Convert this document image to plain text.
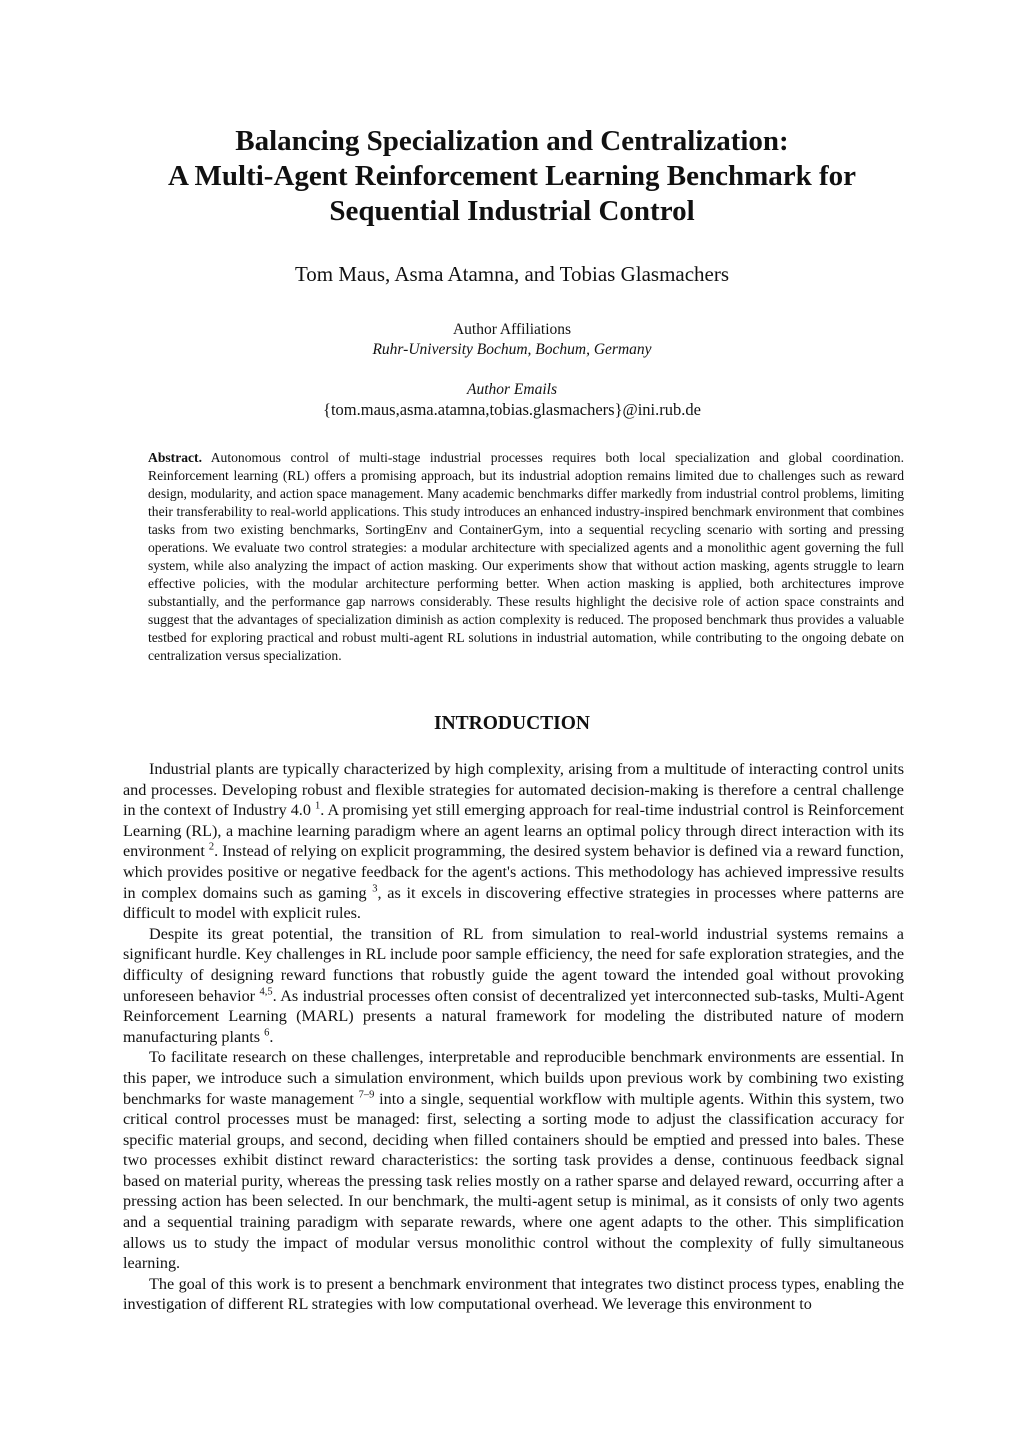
Balancing Specialization and Centralization:
A Multi-Agent Reinforcement Learning Benchmark for
Sequential Industrial Control

Tom Maus, Asma Atamna, and Tobias Glasmachers

Author Affiliations
Ruhr-University Bochum, Bochum, Germany
Author Emails
{tom.maus,asma.atamna,tobias.glasmachers}@ini.rub.de

Abstract. Autonomous control of multi-stage industrial processes requires both local specialization and global coordination. Reinforcement learning (RL) offers a promising approach, but its industrial adoption remains limited due to challenges such as reward design, modularity, and action space management. Many academic benchmarks differ markedly from industrial control problems, limiting their transferability to real-world applications. This study introduces an enhanced industry-inspired benchmark environment that combines tasks from two existing benchmarks, SortingEnv and ContainerGym, into a sequential recycling scenario with sorting and pressing operations. We evaluate two control strategies: a modular architecture with specialized agents and a monolithic agent governing the full system, while also analyzing the impact of action masking. Our experiments show that without action masking, agents struggle to learn effective policies, with the modular architecture performing better. When action masking is applied, both architectures improve substantially, and the performance gap narrows considerably. These results highlight the decisive role of action space constraints and suggest that the advantages of specialization diminish as action complexity is reduced. The proposed benchmark thus provides a valuable testbed for exploring practical and robust multi-agent RL solutions in industrial automation, while contributing to the ongoing debate on centralization versus specialization.

INTRODUCTION

Industrial plants are typically characterized by high complexity, arising from a multitude of interacting control units and processes. Developing robust and flexible strategies for automated decision-making is therefore a central challenge in the context of Industry 4.0 $^1$. A promising yet still emerging approach for real-time industrial control is Reinforcement Learning (RL), a machine learning paradigm where an agent learns an optimal policy through direct interaction with its environment $^2$. Instead of relying on explicit programming, the desired system behavior is defined via a reward function, which provides positive or negative feedback for the agent's actions. This methodology has achieved impressive results in complex domains such as gaming $^3$, as it excels in discovering effective strategies in processes where patterns are difficult to model with explicit rules.

Despite its great potential, the transition of RL from simulation to real-world industrial systems remains a significant hurdle. Key challenges in RL include poor sample efficiency, the need for safe exploration strategies, and the difficulty of designing reward functions that robustly guide the agent toward the intended goal without provoking unforeseen behavior $^{4,5}$. As industrial processes often consist of decentralized yet interconnected sub-tasks, Multi-Agent Reinforcement Learning (MARL) presents a natural framework for modeling the distributed nature of modern manufacturing plants $^6$.

To facilitate research on these challenges, interpretable and reproducible benchmark environments are essential. In this paper, we introduce such a simulation environment, which builds upon previous work by combining two existing benchmarks for waste management $^{7-9}$ into a single, sequential workflow with multiple agents. Within this system, two critical control processes must be managed: first, selecting a sorting mode to adjust the classification accuracy for specific material groups, and second, deciding when filled containers should be emptied and pressed into bales. These two processes exhibit distinct reward characteristics: the sorting task provides a dense, continuous feedback signal based on material purity, whereas the pressing task relies mostly on a rather sparse and delayed reward, occurring after a pressing action has been selected. In our benchmark, the multi-agent setup is minimal, as it consists of only two agents and a sequential training paradigm with separate rewards, where one agent adapts to the other. This simplification allows us to study the impact of modular versus monolithic control without the complexity of fully simultaneous learning.

The goal of this work is to present a benchmark environment that integrates two distinct process types, enabling the investigation of different RL strategies with low computational overhead. We leverage this environment to
